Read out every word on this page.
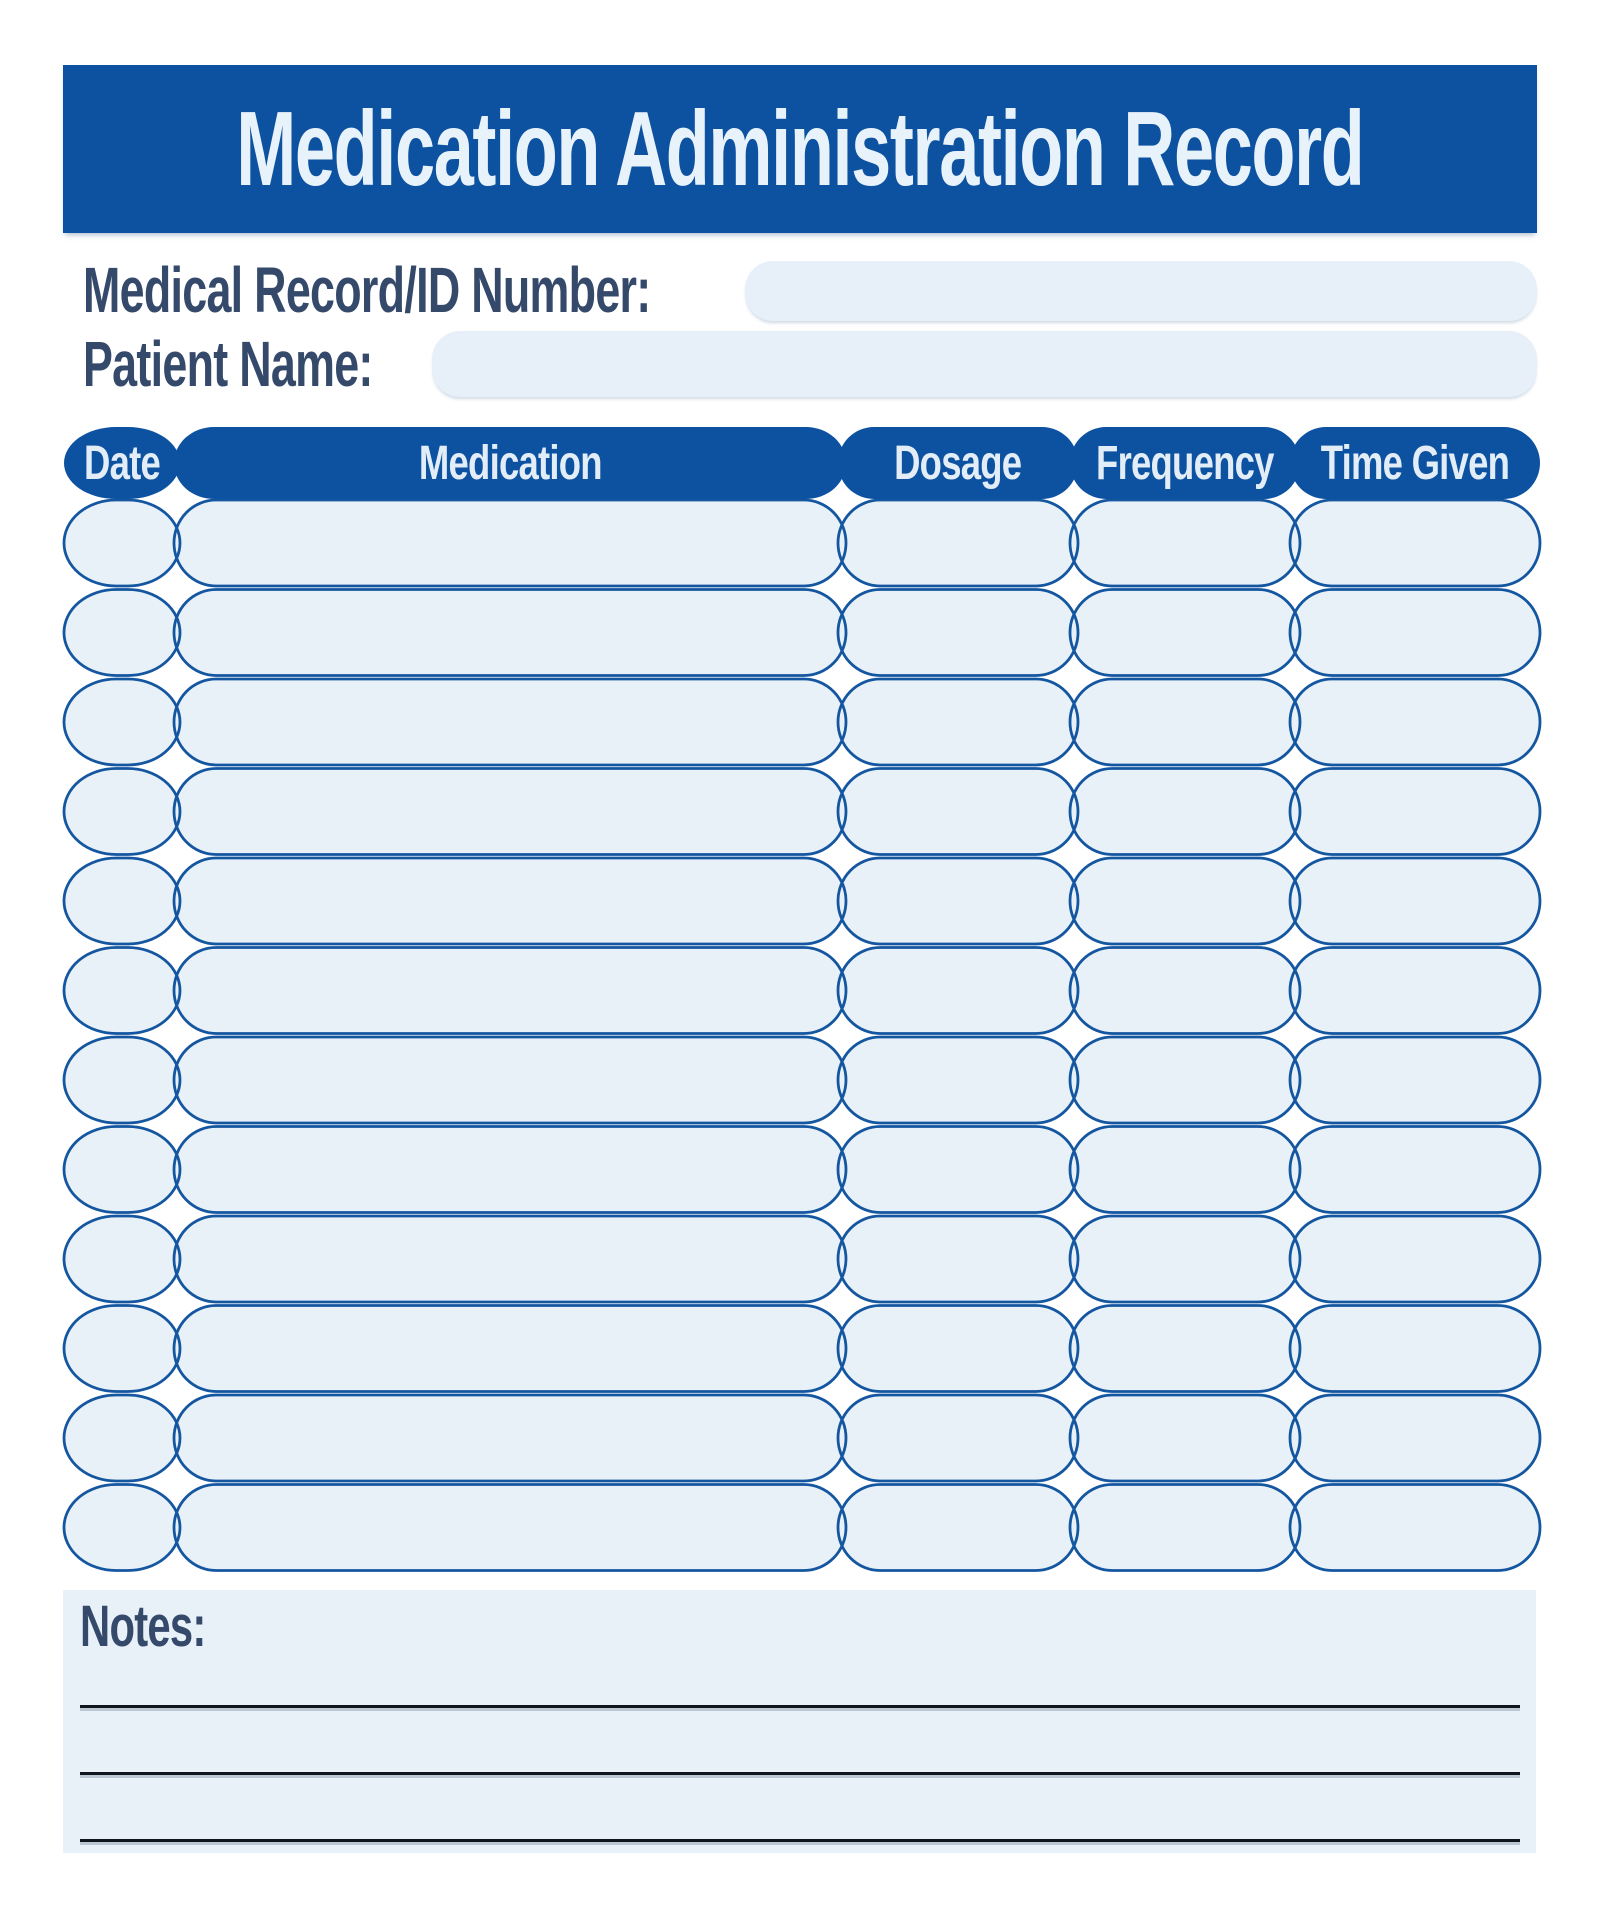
Medication Administration Record
Medical Record/ID Number:
Patient Name:
Date	Medication	Dosage Frequency Time Given
Notes:
